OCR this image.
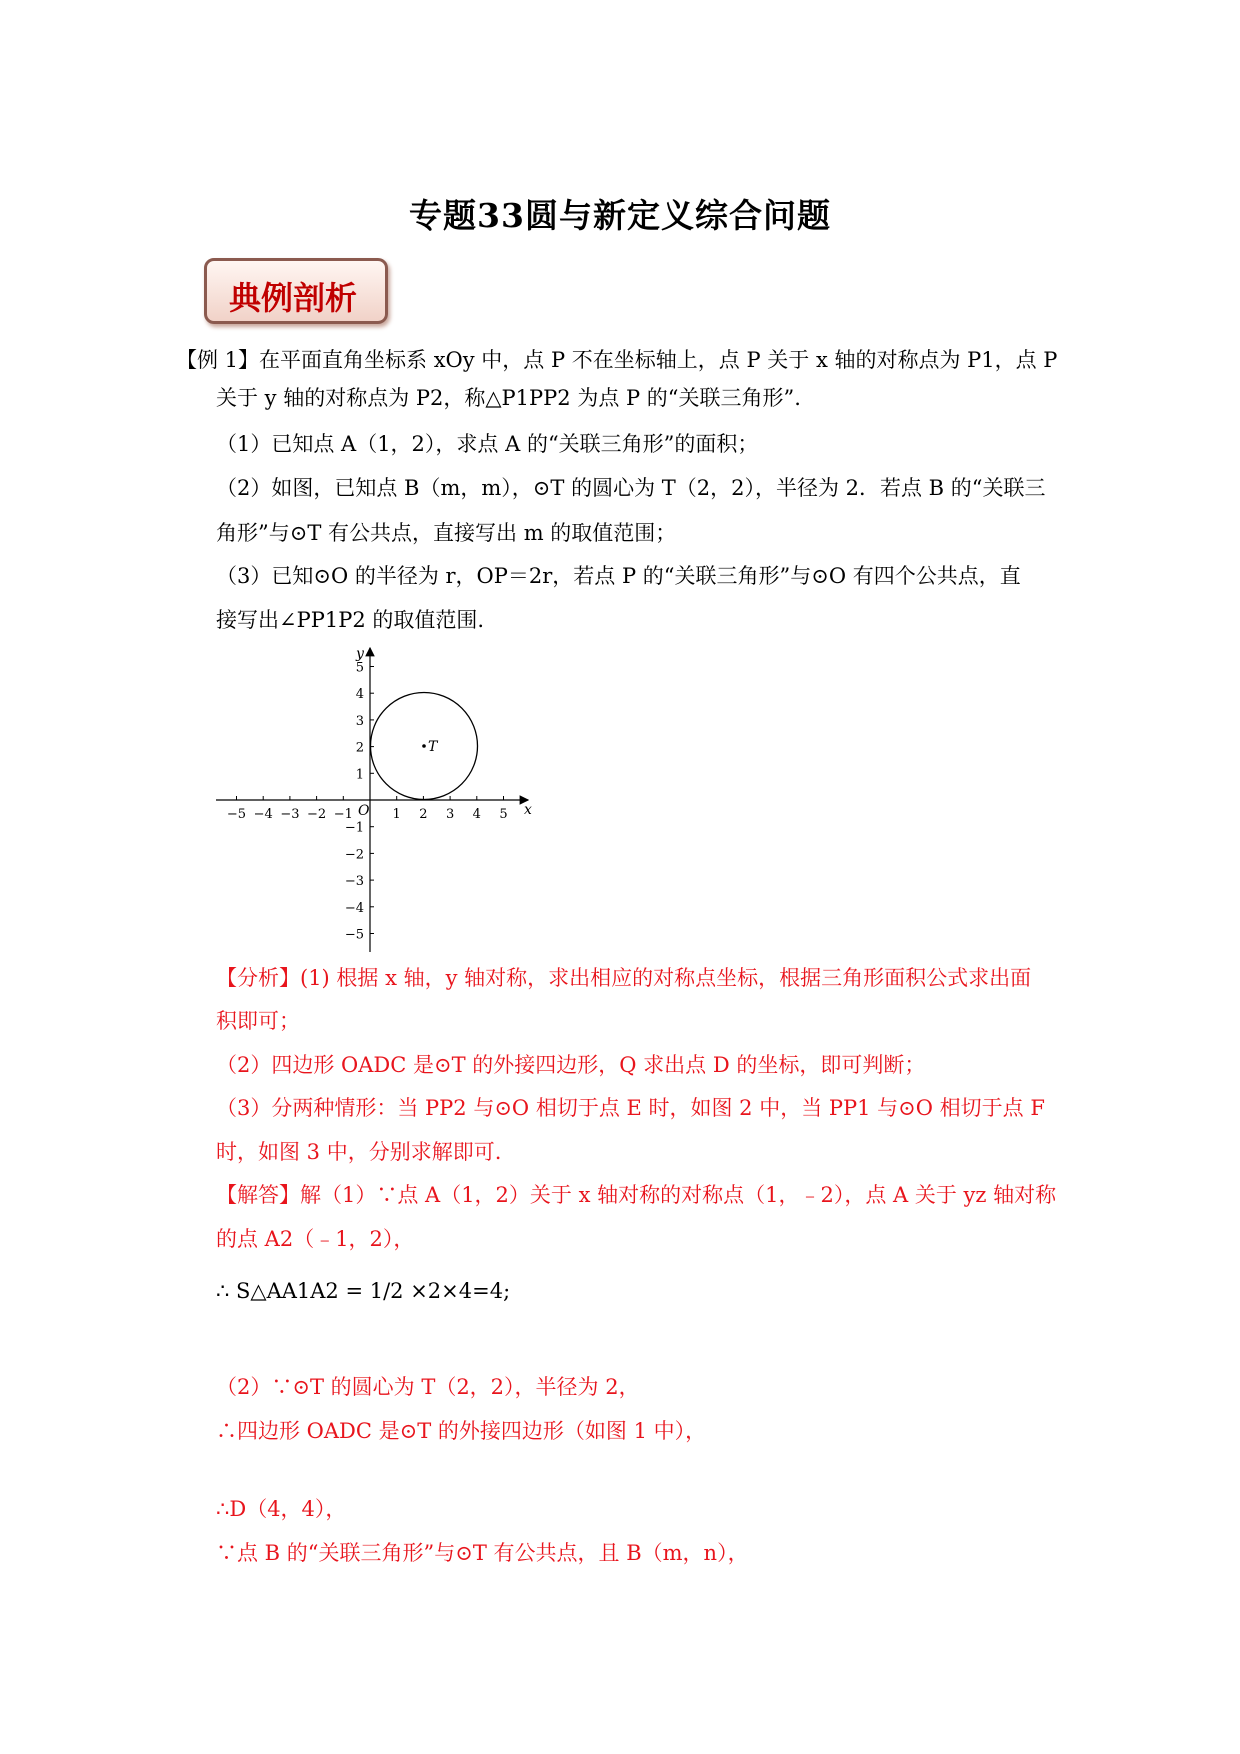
专题33圆与新定义综合问题
典例剖析
【例 1】在平面直角坐标系 xOy 中，点 P 不在坐标轴上，点 P 关于 x 轴的对称点为 P1，点 P
关于 y 轴的对称点为 P2，称△P1PP2 为点 P 的“关联三角形”.
（1）已知点 A（1，2），求点 A 的“关联三角形”的面积；
（2）如图，已知点 B（m，m），⊙T 的圆心为 T（2，2），半径为 2．若点 B 的“关联三
角形”与⊙T 有公共点，直接写出 m 的取值范围；
（3）已知⊙O 的半径为 r，OP＝2r，若点 P 的“关联三角形”与⊙O 有四个公共点，直
接写出∠PP1P2 的取值范围.
−5 −4 −3 −2 −1	1 2 3 4 5
5
4
3
2
1
−1
−2
−3
−4
−5
x
y
O
T
【分析】(1) 根据 x 轴，y 轴对称，求出相应的对称点坐标，根据三角形面积公式求出面
积即可；
（2）四边形 OADC 是⊙T 的外接四边形，Q 求出点 D 的坐标，即可判断；
（3）分两种情形：当 PP2 与⊙O 相切于点 E 时，如图 2 中，当 PP1 与⊙O 相切于点 F
时，如图 3 中，分别求解即可.
【解答】解（1）∵点 A（1，2）关于 x 轴对称的对称点（1，﹣2），点 A 关于 yz 轴对称
的点 A2（﹣1，2），
∴ S△AA1A2 = 1/2 ×2×4=4;
（2）∵⊙T 的圆心为 T（2，2），半径为 2，
∴四边形 OADC 是⊙T 的外接四边形（如图 1 中），
∴D（4，4），
∵点 B 的“关联三角形”与⊙T 有公共点，且 B（m，n），
